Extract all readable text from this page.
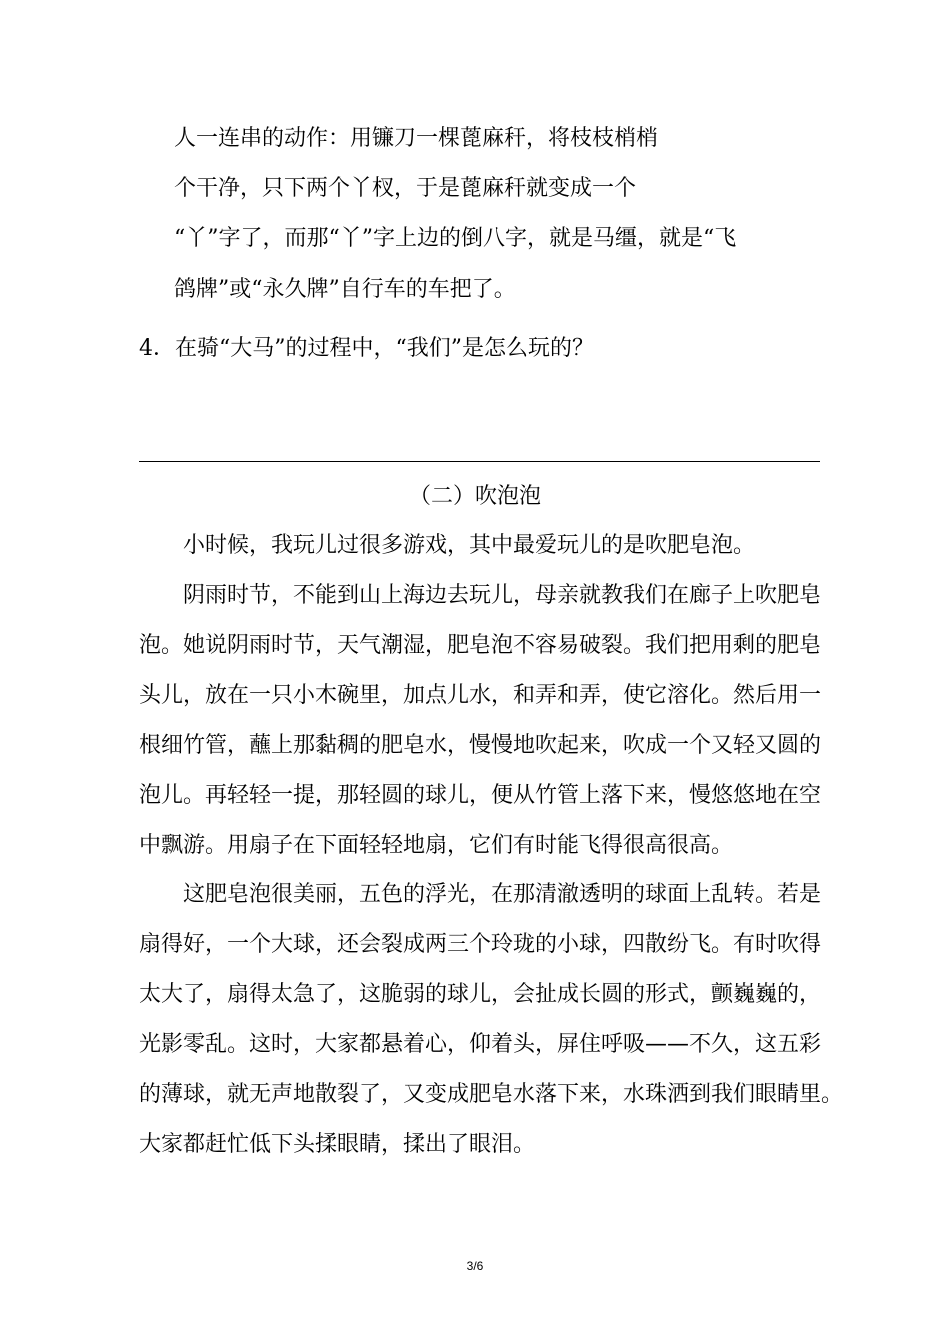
人一连串的动作：用镰刀一棵蓖麻秆，将枝枝梢梢
个干净，只下两个丫杈，于是蓖麻秆就变成一个
“丫”字了，而那“丫”字上边的倒八字，就是马缰，就是“飞
鸽牌”或“永久牌”自行车的车把了。
4．在骑“大马”的过程中，“我们”是怎么玩的？
（二）吹泡泡
小时候，我玩儿过很多游戏，其中最爱玩儿的是吹肥皂泡。
阴雨时节，不能到山上海边去玩儿，母亲就教我们在廊子上吹肥皂
泡。她说阴雨时节，天气潮湿，肥皂泡不容易破裂。我们把用剩的肥皂
头儿，放在一只小木碗里，加点儿水，和弄和弄，使它溶化。然后用一
根细竹管，蘸上那黏稠的肥皂水，慢慢地吹起来，吹成一个又轻又圆的
泡儿。再轻轻一提，那轻圆的球儿，便从竹管上落下来，慢悠悠地在空
中飘游。用扇子在下面轻轻地扇，它们有时能飞得很高很高。
这肥皂泡很美丽，五色的浮光，在那清澈透明的球面上乱转。若是
扇得好，一个大球，还会裂成两三个玲珑的小球，四散纷飞。有时吹得
太大了，扇得太急了，这脆弱的球儿，会扯成长圆的形式，颤巍巍的，
光影零乱。这时，大家都悬着心，仰着头，屏住呼吸——不久，这五彩
的薄球，就无声地散裂了，又变成肥皂水落下来，水珠洒到我们眼睛里。
大家都赶忙低下头揉眼睛，揉出了眼泪。
3/6
